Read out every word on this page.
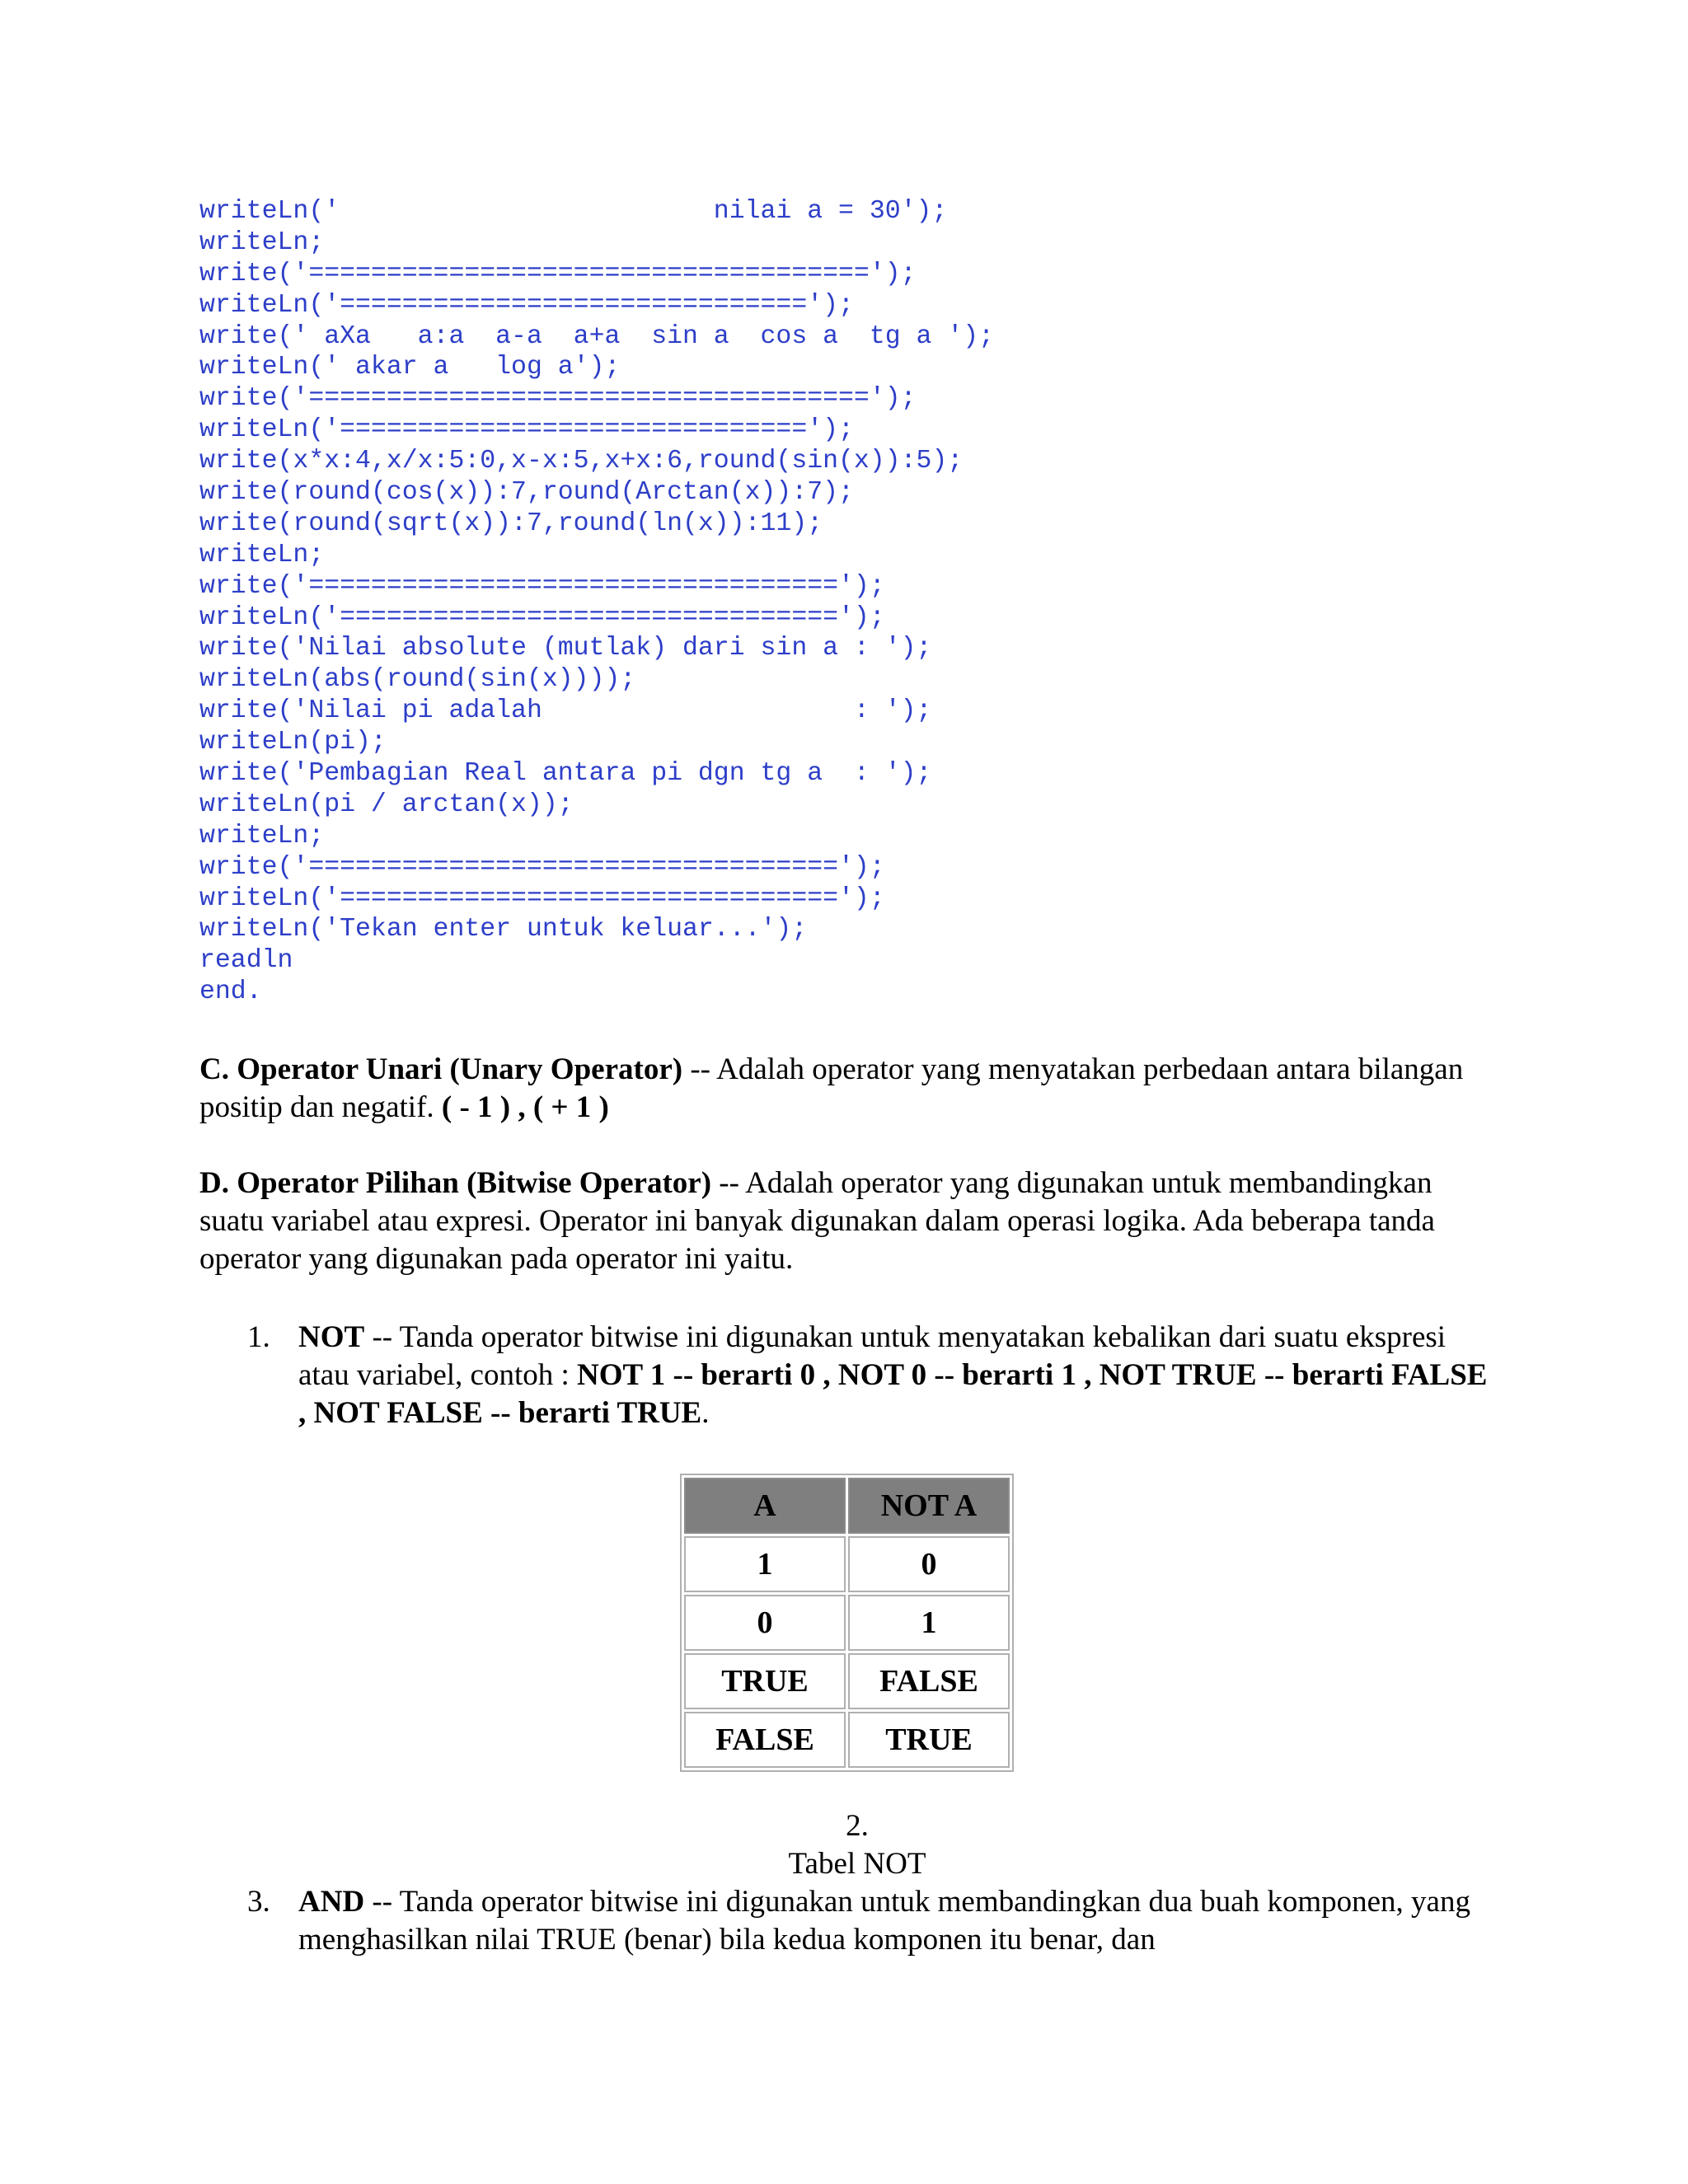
writeLn('                        nilai a = 30');
writeLn;
write('====================================');
writeLn('==============================');
write(' aXa   a:a  a-a  a+a  sin a  cos a  tg a ');
writeLn(' akar a   log a');
write('====================================');
writeLn('==============================');
write(x*x:4,x/x:5:0,x-x:5,x+x:6,round(sin(x)):5);
write(round(cos(x)):7,round(Arctan(x)):7);
write(round(sqrt(x)):7,round(ln(x)):11);
writeLn;
write('==================================');
writeLn('================================');
write('Nilai absolute (mutlak) dari sin a : ');
writeLn(abs(round(sin(x))));
write('Nilai pi adalah                    : ');
writeLn(pi);
write('Pembagian Real antara pi dgn tg a  : ');
writeLn(pi / arctan(x));
writeLn;
write('==================================');
writeLn('================================');
writeLn('Tekan enter untuk keluar...');
readln
end.
C. Operator Unari (Unary Operator) -- Adalah operator yang menyatakan perbedaan antara bilangan positip dan negatif. ( - 1 ) , ( + 1 )
D. Operator Pilihan (Bitwise Operator) -- Adalah operator yang digunakan untuk membandingkan suatu variabel atau expresi. Operator ini banyak digunakan dalam operasi logika. Ada beberapa tanda operator yang digunakan pada operator ini yaitu.
1. NOT -- Tanda operator bitwise ini digunakan untuk menyatakan kebalikan dari suatu ekspresi atau variabel, contoh : NOT 1 -- berarti 0 , NOT 0 -- berarti 1 , NOT TRUE -- berarti FALSE , NOT FALSE -- berarti TRUE.
A	NOT A
1	0
0	1
TRUE	FALSE
FALSE	TRUE
2.
Tabel NOT
3. AND -- Tanda operator bitwise ini digunakan untuk membandingkan dua buah komponen, yang menghasilkan nilai TRUE (benar) bila kedua komponen itu benar, dan
